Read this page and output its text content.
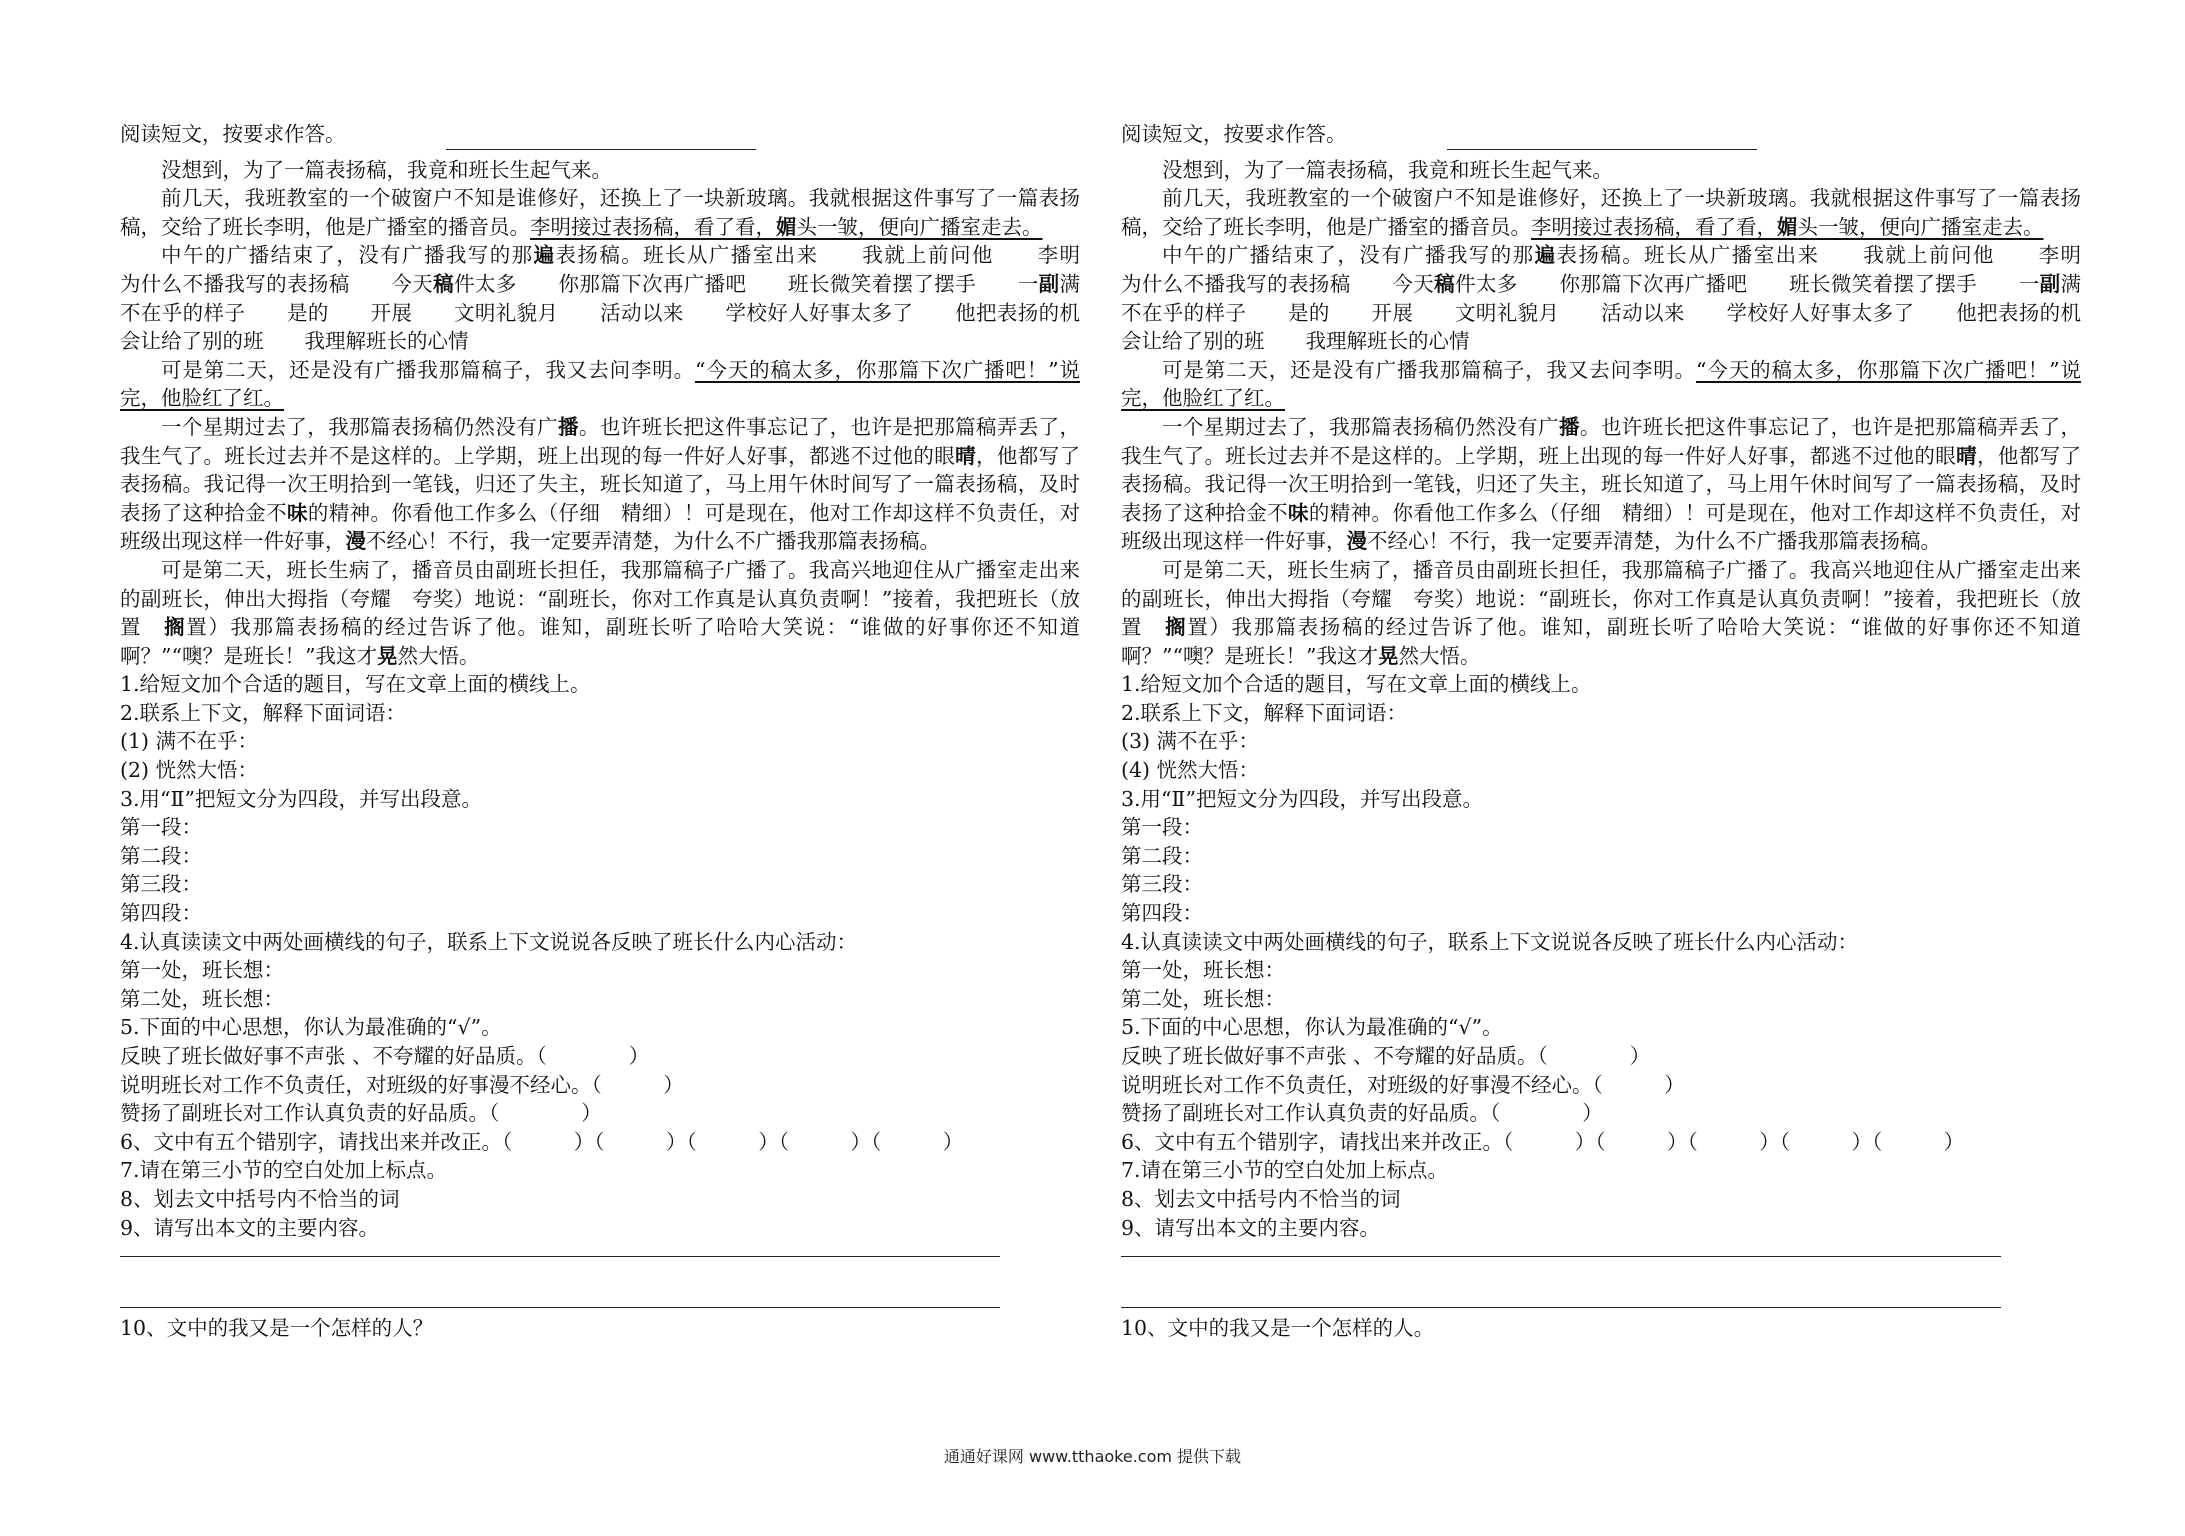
阅读短文，按要求作答。

没想到，为了一篇表扬稿，我竟和班长生起气来。

前几天，我班教室的一个破窗户不知是谁修好，还换上了一块新玻璃。我就根据这件事写了一篇表扬稿，交给了班长李明，他是广播室的播音员。李明接过表扬稿，看了看，媚头一皱，便向广播室走去。

中午的广播结束了，没有广播我写的那遍表扬稿。班长从广播室出来　　我就上前问他　　李明　　为什么不播我写的表扬稿　　今天稿件太多　　你那篇下次再广播吧　　班长微笑着摆了摆手　　一副满不在乎的样子　　是的　　开展　　文明礼貌月　　活动以来　　学校好人好事太多了　　他把表扬的机会让给了别的班　　我理解班长的心情

可是第二天，还是没有广播我那篇稿子，我又去问李明。“今天的稿太多，你那篇下次广播吧！”说完，他脸红了红。

一个星期过去了，我那篇表扬稿仍然没有广播。也许班长把这件事忘记了，也许是把那篇稿弄丢了，我生气了。班长过去并不是这样的。上学期，班上出现的每一件好人好事，都逃不过他的眼晴，他都写了表扬稿。我记得一次王明拾到一笔钱，归还了失主，班长知道了，马上用午休时间写了一篇表扬稿，及时表扬了这种拾金不味的精神。你看他工作多么（仔细　精细）！可是现在，他对工作却这样不负责任，对班级出现这样一件好事，漫不经心！不行，我一定要弄清楚，为什么不广播我那篇表扬稿。

可是第二天，班长生病了，播音员由副班长担任，我那篇稿子广播了。我高兴地迎住从广播室走出来的副班长，伸出大拇指（夸耀　夸奖）地说：“副班长，你对工作真是认真负责啊！”接着，我把班长（放置　搁置）我那篇表扬稿的经过告诉了他。谁知，副班长听了哈哈大笑说：“谁做的好事你还不知道啊？”“噢？是班长！”我这才晃然大悟。

1.给短文加个合适的题目，写在文章上面的横线上。

2.联系上下文，解释下面词语：

(1) 满不在乎：

(2) 恍然大悟：

3.用“Ⅱ”把短文分为四段，并写出段意。

第一段：

第二段：

第三段：

第四段：

4.认真读读文中两处画横线的句子，联系上下文说说各反映了班长什么内心活动：

第一处，班长想：

第二处，班长想：

5.下面的中心思想，你认为最准确的“√”。

反映了班长做好事不声张 、不夸耀的好品质。（　　　　）

说明班长对工作不负责任，对班级的好事漫不经心。（　　　）

赞扬了副班长对工作认真负责的好品质。（　　　　）

6、文中有五个错别字，请找出来并改正。（　　　）（　　　）（　　　）（　　　）（　　　）

7.请在第三小节的空白处加上标点。

8、划去文中括号内不恰当的词

9、请写出本文的主要内容。

10、文中的我又是一个怎样的人？

阅读短文，按要求作答。

没想到，为了一篇表扬稿，我竟和班长生起气来。

前几天，我班教室的一个破窗户不知是谁修好，还换上了一块新玻璃。我就根据这件事写了一篇表扬稿，交给了班长李明，他是广播室的播音员。李明接过表扬稿，看了看，媚头一皱，便向广播室走去。

中午的广播结束了，没有广播我写的那遍表扬稿。班长从广播室出来　　我就上前问他　　李明　　为什么不播我写的表扬稿　　今天稿件太多　　你那篇下次再广播吧　　班长微笑着摆了摆手　　一副满不在乎的样子　　是的　　开展　　文明礼貌月　　活动以来　　学校好人好事太多了　　他把表扬的机会让给了别的班　　我理解班长的心情

可是第二天，还是没有广播我那篇稿子，我又去问李明。“今天的稿太多，你那篇下次广播吧！”说完，他脸红了红。

一个星期过去了，我那篇表扬稿仍然没有广播。也许班长把这件事忘记了，也许是把那篇稿弄丢了，我生气了。班长过去并不是这样的。上学期，班上出现的每一件好人好事，都逃不过他的眼晴，他都写了表扬稿。我记得一次王明拾到一笔钱，归还了失主，班长知道了，马上用午休时间写了一篇表扬稿，及时表扬了这种拾金不味的精神。你看他工作多么（仔细　精细）！可是现在，他对工作却这样不负责任，对班级出现这样一件好事，漫不经心！不行，我一定要弄清楚，为什么不广播我那篇表扬稿。

可是第二天，班长生病了，播音员由副班长担任，我那篇稿子广播了。我高兴地迎住从广播室走出来的副班长，伸出大拇指（夸耀　夸奖）地说：“副班长，你对工作真是认真负责啊！”接着，我把班长（放置　搁置）我那篇表扬稿的经过告诉了他。谁知，副班长听了哈哈大笑说：“谁做的好事你还不知道啊？”“噢？是班长！”我这才晃然大悟。

1.给短文加个合适的题目，写在文章上面的横线上。

2.联系上下文，解释下面词语：

(3) 满不在乎：

(4) 恍然大悟：

3.用“Ⅱ”把短文分为四段，并写出段意。

第一段：

第二段：

第三段：

第四段：

4.认真读读文中两处画横线的句子，联系上下文说说各反映了班长什么内心活动：

第一处，班长想：

第二处，班长想：

5.下面的中心思想，你认为最准确的“√”。

反映了班长做好事不声张 、不夸耀的好品质。（　　　　）

说明班长对工作不负责任，对班级的好事漫不经心。（　　　）

赞扬了副班长对工作认真负责的好品质。（　　　　）

6、文中有五个错别字，请找出来并改正。（　　　）（　　　）（　　　）（　　　）（　　　）

7.请在第三小节的空白处加上标点。

8、划去文中括号内不恰当的词

9、请写出本文的主要内容。

10、文中的我又是一个怎样的人。

通通好课网 www.tthaoke.com 提供下载
